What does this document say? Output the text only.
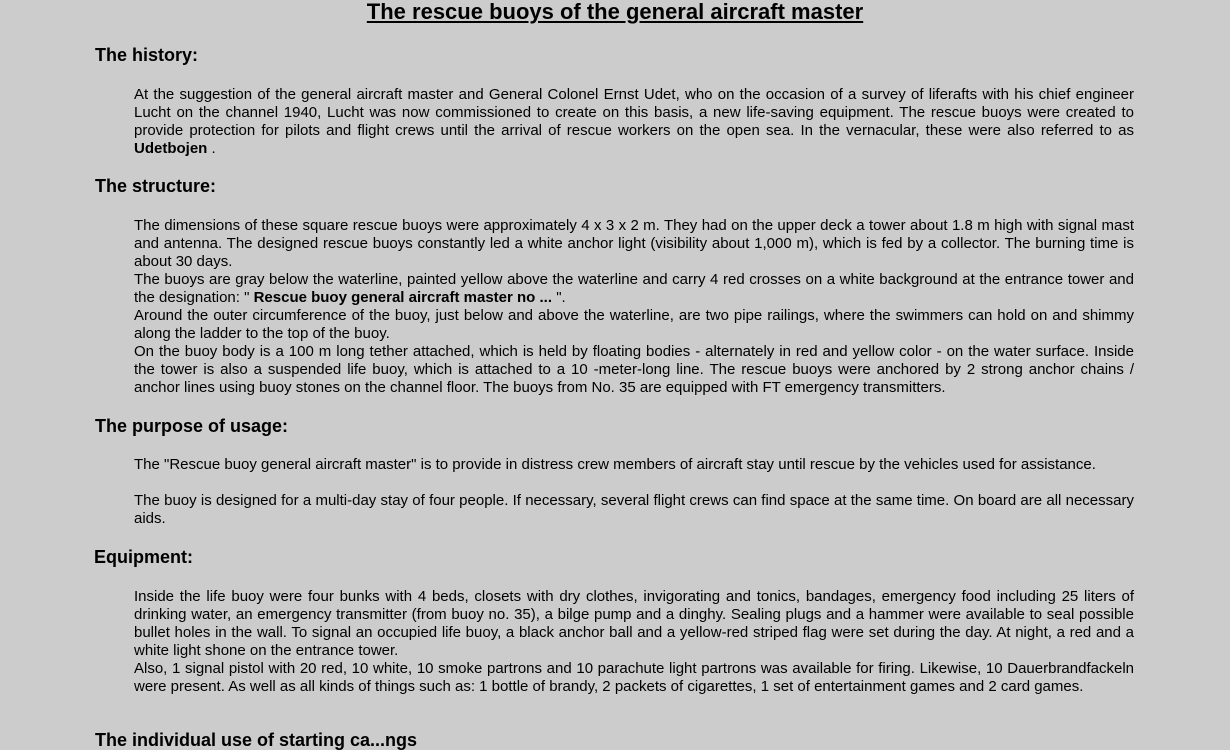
The rescue buoys of the general aircraft master
The history:

At the suggestion of the general aircraft master and General Colonel Ernst Udet, who on the occasion of a survey of liferafts with his chief engineer Lucht on the channel 1940, Lucht was now commissioned to create on this basis, a new life-saving equipment. The rescue buoys were created to provide protection for pilots and flight crews until the arrival of rescue workers on the open sea. In the vernacular, these were also referred to as Udetbojen .

The structure:

The dimensions of these square rescue buoys were approximately 4 x 3 x 2 m. They had on the upper deck a tower about 1.8 m high with signal mast and antenna. The designed rescue buoys constantly led a white anchor light (visibility about 1,000 m), which is fed by a collector. The burning time is about 30 days.

The buoys are gray below the waterline, painted yellow above the waterline and carry 4 red crosses on a white background at the entrance tower and the designation: " Rescue buoy general aircraft master no ... ".

Around the outer circumference of the buoy, just below and above the waterline, are two pipe railings, where the swimmers can hold on and shimmy along the ladder to the top of the buoy.

On the buoy body is a 100 m long tether attached, which is held by floating bodies - alternately in red and yellow color - on the water surface. Inside the tower is also a suspended life buoy, which is attached to a 10 -meter-long line. The rescue buoys were anchored by 2 strong anchor chains / anchor lines using buoy stones on the channel floor. The buoys from No. 35 are equipped with FT emergency transmitters.

The purpose of usage:

The "Rescue buoy general aircraft master" is to provide in distress crew members of aircraft stay until rescue by the vehicles used for assistance.

The buoy is designed for a multi-day stay of four people. If necessary, several flight crews can find space at the same time. On board are all necessary aids.

Equipment:

Inside the life buoy were four bunks with 4 beds, closets with dry clothes, invigorating and tonics, bandages, emergency food including 25 liters of drinking water, an emergency transmitter (from buoy no. 35), a bilge pump and a dinghy. Sealing plugs and a hammer were available to seal possible bullet holes in the wall. To signal an occupied life buoy, a black anchor ball and a yellow-red striped flag were set during the day. At night, a red and a white light shone on the entrance tower.

Also, 1 signal pistol with 20 red, 10 white, 10 smoke partrons and 10 parachute light partrons was available for firing. Likewise, 10 Dauerbrandfackeln were present. As well as all kinds of things such as: 1 bottle of brandy, 2 packets of cigarettes, 1 set of entertainment games and 2 card games.

The individual use of starting ca...ngs
